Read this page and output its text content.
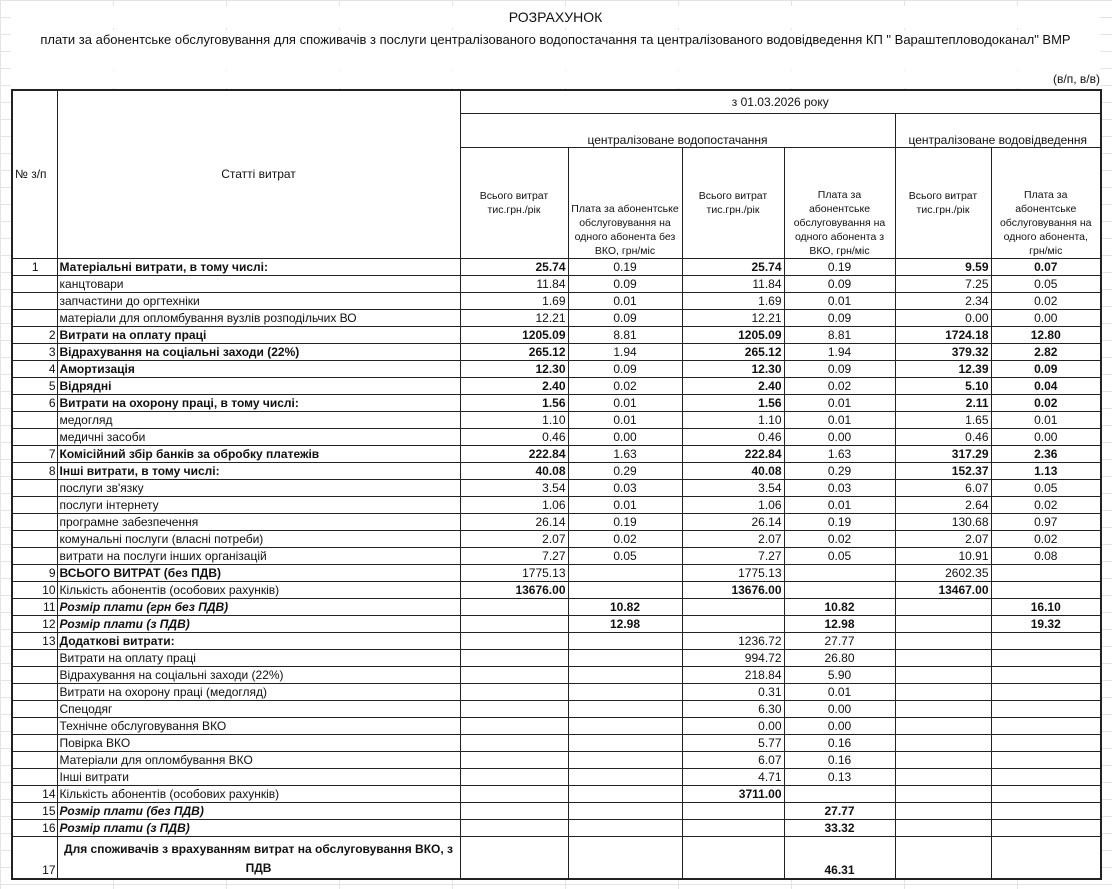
РОЗРАХУНОК
плати за абонентське обслуговування для споживачів з послуги централізованого водопостачання та централізованого водовідведення КП " Вараштепловодоканал" ВМР
(в/п, в/в)
№ з/п	Статті витрат	з 01.03.2026 року					
		централізоване водопостачання				централізоване водовідведення	
		Всього витрат тис.грн./рік	Плата за абонентське обслуговування на одного абонента без ВКО, грн/міс	Всього витрат тис.грн./рік	Плата за абонентське обслуговування на одного абонента з ВКО, грн/міс	Всього витрат тис.грн./рік	Плата за абонентське обслуговування на одного абонента, грн/міс
1	Матеріальні витрати, в тому числі:	25.74	0.19	25.74	0.19	9.59	0.07
	канцтовари	11.84	0.09	11.84	0.09	7.25	0.05
	запчастини до оргтехніки	1.69	0.01	1.69	0.01	2.34	0.02
	матеріали для опломбування вузлів розподільчих ВО	12.21	0.09	12.21	0.09	0.00	0.00
2	Витрати на оплату праці	1205.09	8.81	1205.09	8.81	1724.18	12.80
3	Відрахування на соціальні заходи (22%)	265.12	1.94	265.12	1.94	379.32	2.82
4	Амортизація	12.30	0.09	12.30	0.09	12.39	0.09
5	Відрядні	2.40	0.02	2.40	0.02	5.10	0.04
6	Витрати на охорону праці, в тому числі:	1.56	0.01	1.56	0.01	2.11	0.02
	медогляд	1.10	0.01	1.10	0.01	1.65	0.01
	медичні засоби	0.46	0.00	0.46	0.00	0.46	0.00
7	Комісійний збір банків за обробку платежів	222.84	1.63	222.84	1.63	317.29	2.36
8	Інші витрати, в тому числі:	40.08	0.29	40.08	0.29	152.37	1.13
	послуги зв'язку	3.54	0.03	3.54	0.03	6.07	0.05
	послуги інтернету	1.06	0.01	1.06	0.01	2.64	0.02
	програмне забезпечення	26.14	0.19	26.14	0.19	130.68	0.97
	комунальні послуги (власні потреби)	2.07	0.02	2.07	0.02	2.07	0.02
	витрати на послуги інших організацій	7.27	0.05	7.27	0.05	10.91	0.08
9	ВСЬОГО ВИТРАТ (без ПДВ)	1775.13		1775.13		2602.35	
10	Кількість абонентів (особових рахунків)	13676.00		13676.00		13467.00	
11	Розмір плати (грн без ПДВ)		10.82		10.82		16.10
12	Розмір плати (з ПДВ)		12.98		12.98		19.32
13	Додаткові витрати:			1236.72	27.77		
	Витрати на оплату праці			994.72	26.80		
	Відрахування на соціальні заходи (22%)			218.84	5.90		
	Витрати на охорону праці (медогляд)			0.31	0.01		
	Спецодяг			6.30	0.00		
	Технічне обслуговування ВКО			0.00	0.00		
	Повірка ВКО			5.77	0.16		
	Матеріали для опломбування ВКО			6.07	0.16		
	Інші витрати			4.71	0.13		
14	Кількість абонентів (особових рахунків)			3711.00			
15	Розмір плати (без ПДВ)				27.77		
16	Розмір плати (з ПДВ)				33.32		
17	Для споживачів з врахуванням витрат на обслуговування ВКО, з ПДВ				46.31		
